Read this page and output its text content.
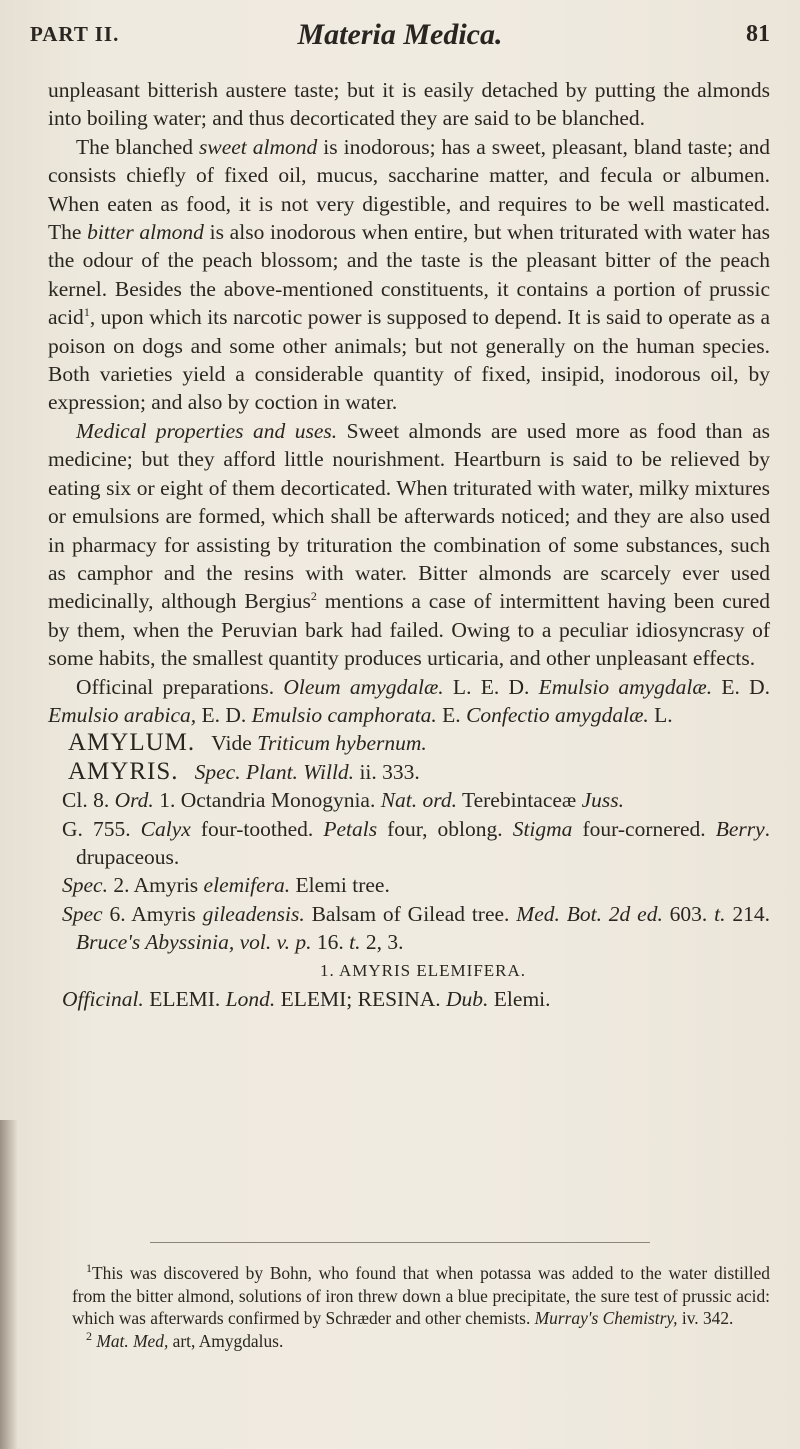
PART II.	Materia Medica.	81

unpleasant bitterish austere taste; but it is easily detached by putting the almonds into boiling water; and thus decorticated they are said to be blanched.

The blanched sweet almond is inodorous; has a sweet, pleasant, bland taste; and consists chiefly of fixed oil, mucus, saccharine matter, and fecula or albumen. When eaten as food, it is not very digestible, and requires to be well masticated. The bitter almond is also inodorous when entire, but when triturated with water has the odour of the peach blossom; and the taste is the pleasant bitter of the peach kernel. Besides the above-mentioned constituents, it contains a portion of prussic acid$^1$, upon which its narcotic power is supposed to depend. It is said to operate as a poison on dogs and some other animals; but not generally on the human species. Both varieties yield a considerable quantity of fixed, insipid, inodorous oil, by expression; and also by coction in water.

Medical properties and uses. Sweet almonds are used more as food than as medicine; but they afford little nourishment. Heartburn is said to be relieved by eating six or eight of them decorticated. When triturated with water, milky mixtures or emulsions are formed, which shall be afterwards noticed; and they are also used in pharmacy for assisting by trituration the combination of some substances, such as camphor and the resins with water. Bitter almonds are scarcely ever used medicinally, although Bergius$^2$ mentions a case of intermittent having been cured by them, when the Peruvian bark had failed. Owing to a peculiar idiosyncrasy of some habits, the smallest quantity produces urticaria, and other unpleasant effects.

Officinal preparations. Oleum amygdalæ. L. E. D. Emulsio amygdalæ. E. D. Emulsio arabica, E. D. Emulsio camphorata. E. Confectio amygdalæ. L.

AMYLUM. Vide Triticum hybernum.

AMYRIS. Spec. Plant. Willd. ii. 333.

Cl. 8. Ord. 1. Octandria Monogynia. Nat. ord. Terebintaceæ Juss.

G. 755. Calyx four-toothed. Petals four, oblong. Stigma four-cornered. Berry. drupaceous.

Spec. 2. Amyris elemifera. Elemi tree.

Spec 6. Amyris gileadensis. Balsam of Gilead tree. Med. Bot. 2d ed. 603. t. 214. Bruce's Abyssinia, vol. v. p. 16. t. 2, 3.

1. AMYRIS ELEMIFERA.

Officinal. ELEMI. Lond. ELEMI; RESINA. Dub. Elemi.

$^1$This was discovered by Bohn, who found that when potassa was added to the water distilled from the bitter almond, solutions of iron threw down a blue precipitate, the sure test of prussic acid: which was afterwards confirmed by Schræder and other chemists. Murray's Chemistry, iv. 342.

$^2$ Mat. Med, art, Amygdalus.
